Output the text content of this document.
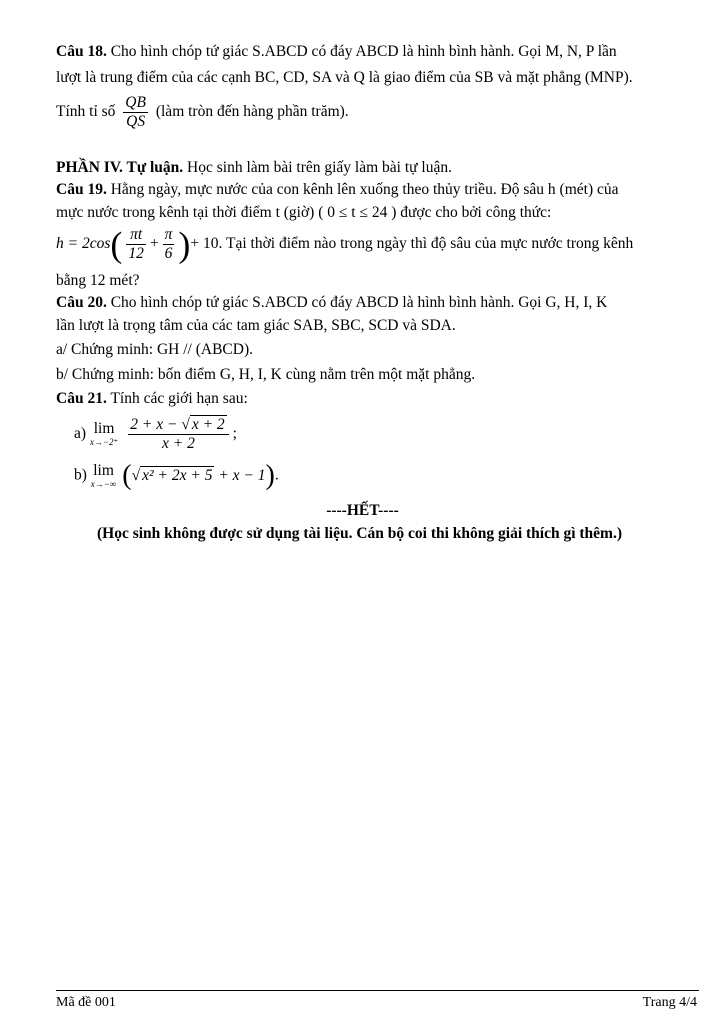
Câu 18. Cho hình chóp tứ giác S.ABCD có đáy ABCD là hình bình hành. Gọi M, N, P lần
lượt là trung điểm của các cạnh BC, CD, SA và Q là giao điểm của SB và mặt phẳng (MNP).
Tính tỉ số $\frac{QB}{QS}$ (làm tròn đến hàng phần trăm).
PHẦN IV. Tự luận. Học sinh làm bài trên giấy làm bài tự luận.
Câu 19. Hằng ngày, mực nước của con kênh lên xuống theo thủy triều. Độ sâu h (mét) của
mực nước trong kênh tại thời điểm t (giờ) ( 0 ≤ t ≤ 24 ) được cho bởi công thức:
$h = 2\cos( \frac{\pi t}{12} + \frac{\pi}{6}$ )+ 10. Tại thời điểm nào trong ngày thì độ sâu của mực nước trong kênh
bằng 12 mét?
Câu 20. Cho hình chóp tứ giác S.ABCD có đáy ABCD là hình bình hành. Gọi G, H, I, K
lần lượt là trọng tâm của các tam giác SAB, SBC, SCD và SDA.
a/ Chứng minh: GH // (ABCD).
b/ Chứng minh: bốn điểm G, H, I, K cùng nằm trên một mặt phẳng.
Câu 21. Tính các giới hạn sau:
a) lim
$x\to-2^+ \frac{2 + x - √ x + 2}{x + 2}$ ;
b) lim
x→−∞ (√ x² + 2x + 5 + x − 1).
----HẾT----
(Học sinh không được sử dụng tài liệu. Cán bộ coi thi không giải thích gì thêm.)
Mã đề 001	Trang 4/4
